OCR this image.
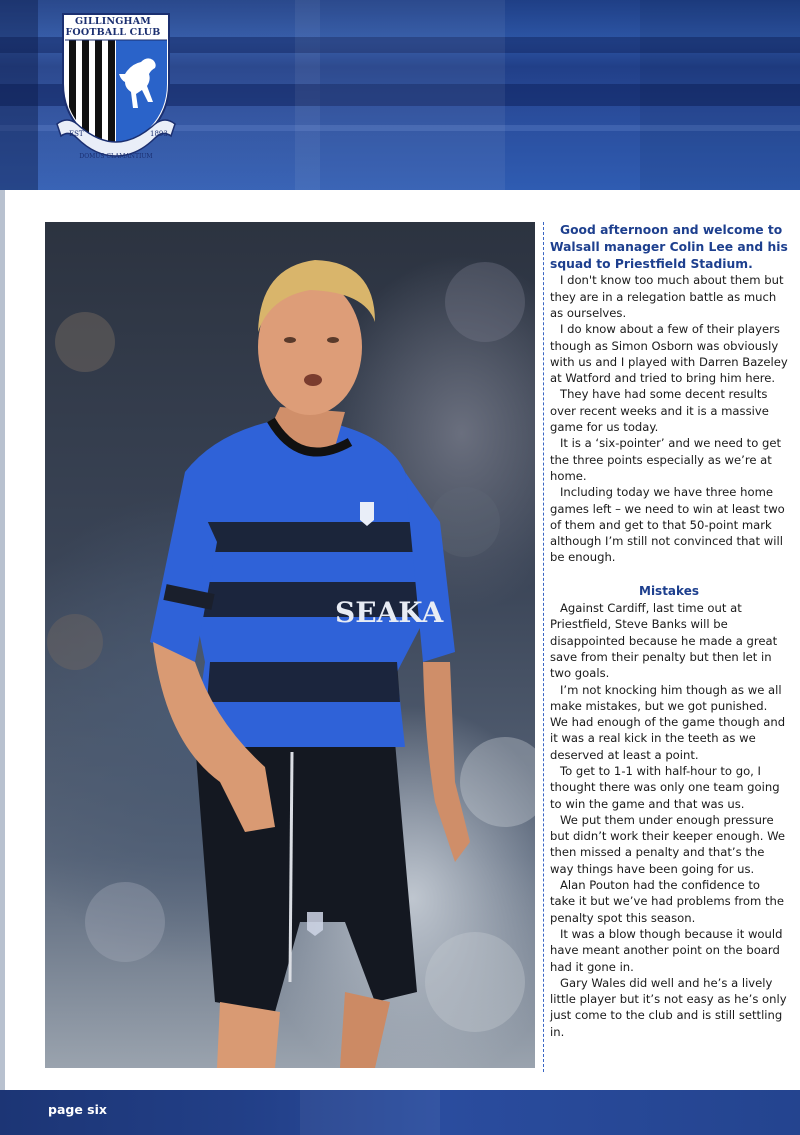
EST	1893
DOMUS CLAMANTIUM
GILLINGHAM
FOOTBALL CLUB
SEAKA

Good afternoon and welcome to Walsall manager Colin Lee and his squad to Priestfield Stadium.

I don't know too much about them but they are in a relegation battle as much as ourselves.

I do know about a few of their players though as Simon Osborn was obviously with us and I played with Darren Bazeley at Watford and tried to bring him here.

They have had some decent results over recent weeks and it is a massive game for us today.

It is a ‘six-pointer’ and we need to get the three points especially as we’re at home.

Including today we have three home games left – we need to win at least two of them and get to that 50-point mark although I’m still not convinced that will be enough.

Mistakes

Against Cardiff, last time out at Priestfield, Steve Banks will be disappointed because he made a great save from their penalty but then let in two goals.

I’m not knocking him though as we all make mistakes, but we got punished. We had enough of the game though and it was a real kick in the teeth as we deserved at least a point.

To get to 1-1 with half-hour to go, I thought there was only one team going to win the game and that was us.

We put them under enough pressure but didn’t work their keeper enough. We then missed a penalty and that’s the way things have been going for us.

Alan Pouton had the confidence to take it but we’ve had problems from the penalty spot this season.

It was a blow though because it would have meant another point on the board had it gone in.

Gary Wales did well and he’s a lively little player but it’s not easy as he’s only just come to the club and is still settling in.

page six
